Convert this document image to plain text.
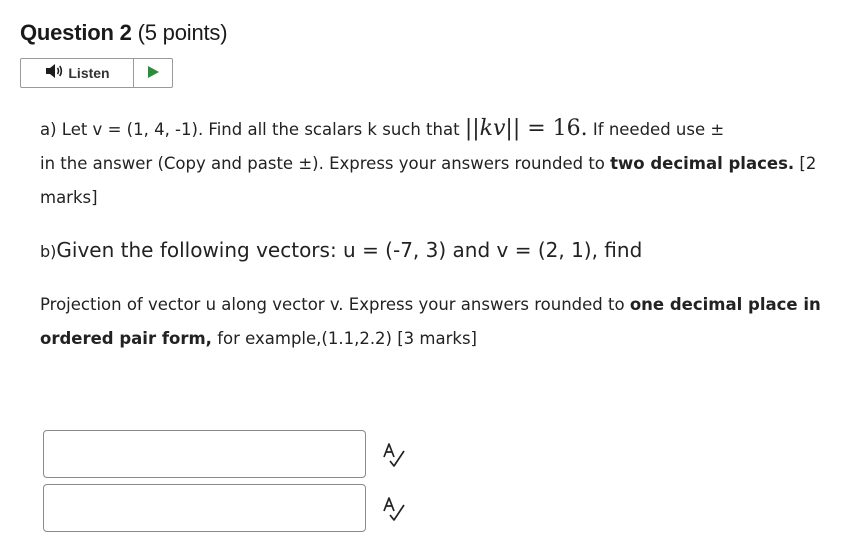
Question 2 (5 points)
Listen
a) Let v = (1, 4, -1). Find all the scalars k such that ||kv|| = 16. If needed use ±
in the answer (Copy and paste ±). Express your answers rounded to two decimal places. [2 marks]
b)Given the following vectors: u = (-7, 3) and v = (2, 1), find
Projection of vector u along vector v. Express your answers rounded to one decimal place in ordered pair form, for example,(1.1,2.2) [3 marks]
